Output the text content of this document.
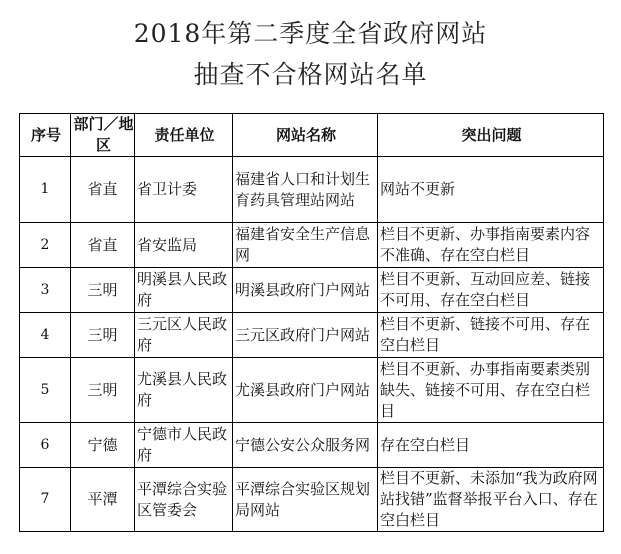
2018年第二季度全省政府网站
抽查不合格网站名单
序号	部门／地区	责任单位	网站名称	突出问题
1	省直	省卫计委	福建省人口和计划生育药具管理站网站	网站不更新
2	省直	省安监局	福建省安全生产信息网	栏目不更新、办事指南要素内容不准确、存在空白栏目
3	三明	明溪县人民政府	明溪县政府门户网站	栏目不更新、互动回应差、链接不可用、存在空白栏目
4	三明	三元区人民政府	三元区政府门户网站	栏目不更新、链接不可用、存在空白栏目
5	三明	尤溪县人民政府	尤溪县政府门户网站	栏目不更新、办事指南要素类别缺失、链接不可用、存在空白栏目
6	宁德	宁德市人民政府	宁德公安公众服务网	存在空白栏目
7	平潭	平潭综合实验区管委会	平潭综合实验区规划局网站	栏目不更新、未添加“我为政府网站找错”监督举报平台入口、存在空白栏目
